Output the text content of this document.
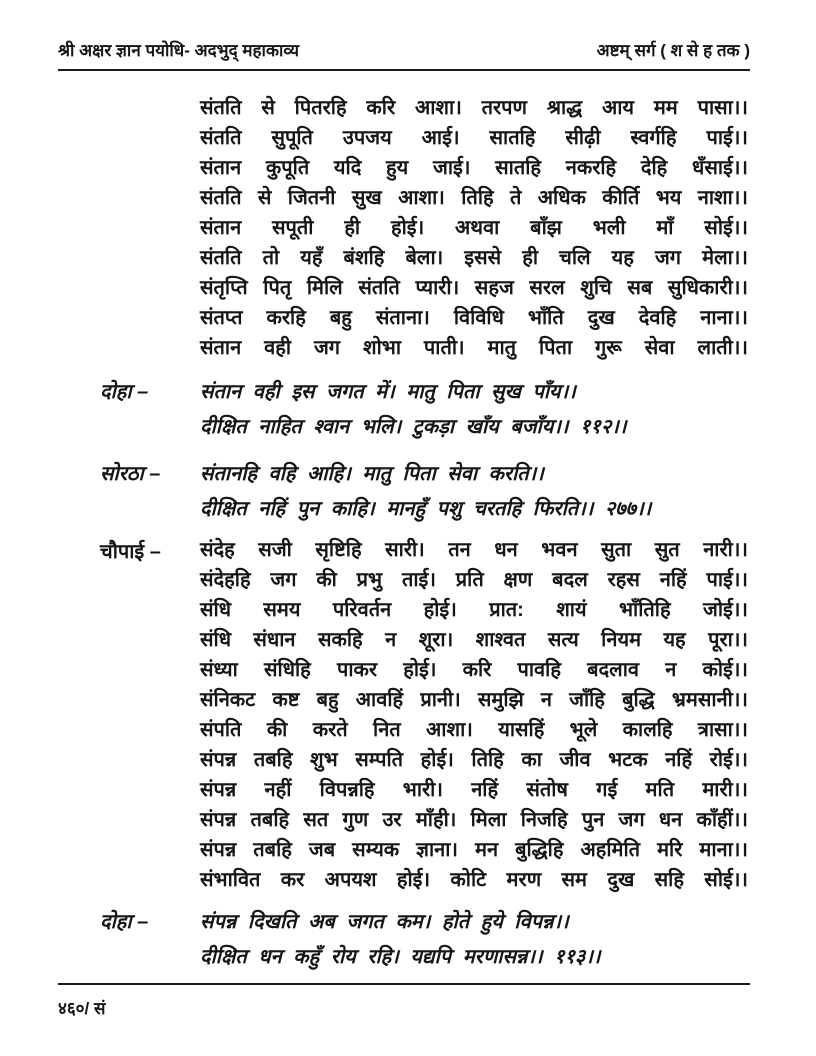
श्री अक्षर ज्ञान पयोधि- अदभुद् महाकाव्य	अष्टम् सर्ग ( श से ह तक )

संतति से पितरहि करि आशा। तरपण श्राद्ध आय मम पासा।।

संतति सुपूति उपजय आई। सातहि सीढ़ी स्वर्गहि पाई।।

संतान कुपूति यदि हुय जाई। सातहि नकरहि देहि धँसाई।।

संतति से जितनी सुख आशा। तिहि ते अधिक कीर्ति भय नाशा।।

संतान सपूती ही होई। अथवा बाँझ भली माँ सोई।।

संतति तो यहँ बंशहि बेला। इससे ही चलि यह जग मेला।।

संतृप्ति पितृ मिलि संतति प्यारी। सहज सरल शुचि सब सुधिकारी।।

संतप्त करहि बहु संताना। विविधि भाँति दुख देवहि नाना।।

संतान वही जग शोभा पाती। मातु पिता गुरू सेवा लाती।।

दोहा –	संतान वही इस जगत में। मातु पिता सुख पाँय।।

दीक्षित नाहित श्वान भलि। टुकड़ा खाँय बजाँय।। ११२।।

सोरठा –	संतानहि वहि आहि। मातु पिता सेवा करति।।

दीक्षित नहिं पुन काहि। मानहुँ पशु चरतहि फिरति।। २७७।।

चौपाई –	संदेह सजी सृष्टिहि सारी। तन धन भवन सुता सुत नारी।।

संदेहहि जग की प्रभु ताई। प्रति क्षण बदल रहस नहिं पाई।।

संधि समय परिवर्तन होई। प्रात: शायं भाँतिहि जोई।।

संधि संधान सकहि न शूरा। शाश्वत सत्य नियम यह पूरा।।

संध्या संधिहि पाकर होई। करि पावहि बदलाव न कोई।।

संनिकट कष्ट बहु आवहिं प्रानी। समुझि न जाँहि बुद्धि भ्रमसानी।।

संपति की करते नित आशा। यासहिं भूले कालहि त्रासा।।

संपन्न तबहि शुभ सम्पति होई। तिहि का जीव भटक नहिं रोई।।

संपन्न नहीं विपन्नहि भारी। नहिं संतोष गई मति मारी।।

संपन्न तबहि सत गुण उर माँही। मिला निजहि पुन जग धन काँहीं।।

संपन्न तबहि जब सम्यक ज्ञाना। मन बुद्धिहि अहमिति मरि माना।।

संभावित कर अपयश होई। कोटि मरण सम दुख सहि सोई।।

दोहा –	संपन्न दिखति अब जगत कम। होते हुये विपन्न।।

दीक्षित धन कहुँ रोय रहि। यद्यपि मरणासन्न।। ११३।।

४६०/ सं
